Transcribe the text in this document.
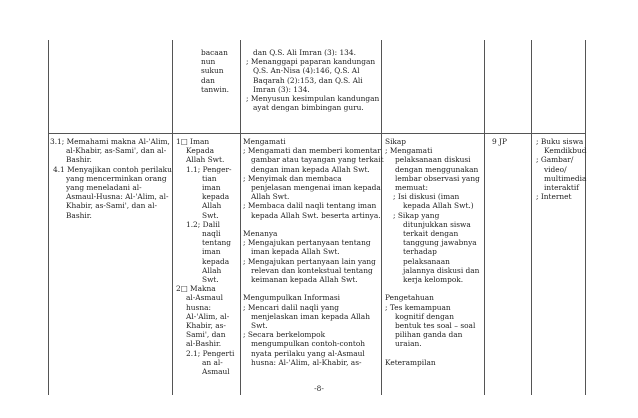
bacaan
nun
sukun
dan
tanwin.
dan Q.S. Ali Imran (3): 134.
; Menanggapi paparan kandungan
Q.S. An-Nisa (4):146, Q.S. Al
Baqarah (2):153, dan Q.S. Ali
Imran (3): 134.
; Menyusun kesimpulan kandungan
ayat dengan bimbingan guru.
3.1; Memahami makna Al-'Alim,
al-Khabir, as-Sami', dan al-
Bashir.
4.1 Menyajikan contoh perilaku
yang mencerminkan orang
yang meneladani al-
Asmaul-Husna: Al-'Alim, al-
Khabir, as-Sami', dan al-
Bashir.
1□ Iman
Kepada
Allah Swt.
1.1; Penger-
tian
iman
kepada
Allah
Swt.
1.2; Dalil
naqli
tentang
iman
kepada
Allah
Swt.
2□ Makna
al-Asmaul
husna:
Al-'Alim, al-
Khabir, as-
Sami', dan
al-Bashir.
2.1; Pengerti
an al-
Asmaul
Mengamati
; Mengamati dan memberi komentar
gambar atau tayangan yang terkait
dengan iman kepada Allah Swt.
; Menyimak dan membaca
penjelasan mengenai iman kepada
Allah Swt.
; Membaca dalil naqli tentang iman
kepada Allah Swt. beserta artinya.

Menanya
; Mengajukan pertanyaan tentang
iman kepada Allah Swt.
; Mengajukan pertanyaan lain yang
relevan dan kontekstual tentang
keimanan kepada Allah Swt.

Mengumpulkan Informasi
; Mencari dalil naqli yang
menjelaskan iman kepada Allah
Swt.
; Secara berkelompok
mengumpulkan contoh-contoh
nyata perilaku yang al-Asmaul
husna: Al-'Alim, al-Khabir, as-
Sikap
; Mengamati
pelaksanaan diskusi
dengan menggunakan
lembar observasi yang
memuat:
; Isi diskusi (iman
kepada Allah Swt.)
; Sikap yang
ditunjukkan siswa
terkait dengan
tanggung jawabnya
terhadap
pelaksanaan
jalannya diskusi dan
kerja kelompok.

Pengetahuan
; Tes kemampuan
kognitif dengan
bentuk tes soal – soal
pilihan ganda dan
uraian.

Keterampilan
9 JP	; Buku siswa
Kemdikbud
; Gambar/
video/
multimedia
interaktif
; Internet
-8-
